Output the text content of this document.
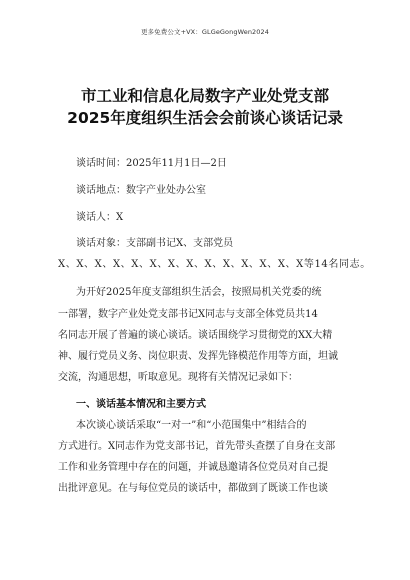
更多免费公文+VX：GLGeGongWen2024
市工业和信息化局数字产业处党支部
2025年度组织生活会会前谈心谈话记录
谈话时间：2025年11月1日—2日
谈话地点：数字产业处办公室
谈话人：X
谈话对象：支部副书记X、支部党员
X、X、X、X、X、X、X、X、X、X、X、X、X、X等14名同志。
为开好2025年度支部组织生活会，按照局机关党委的统
一部署，数字产业处党支部书记X同志与支部全体党员共14
名同志开展了普遍的谈心谈话。谈话围绕学习贯彻党的XX大精
神、履行党员义务、岗位职责、发挥先锋模范作用等方面，坦诚
交流，沟通思想，听取意见。现将有关情况记录如下：
一、谈话基本情况和主要方式
本次谈心谈话采取“一对一”和“小范围集中”相结合的
方式进行。X同志作为党支部书记，首先带头查摆了自身在支部
工作和业务管理中存在的问题，并诚恳邀请各位党员对自己提
出批评意见。在与每位党员的谈话中，都做到了既谈工作也谈
